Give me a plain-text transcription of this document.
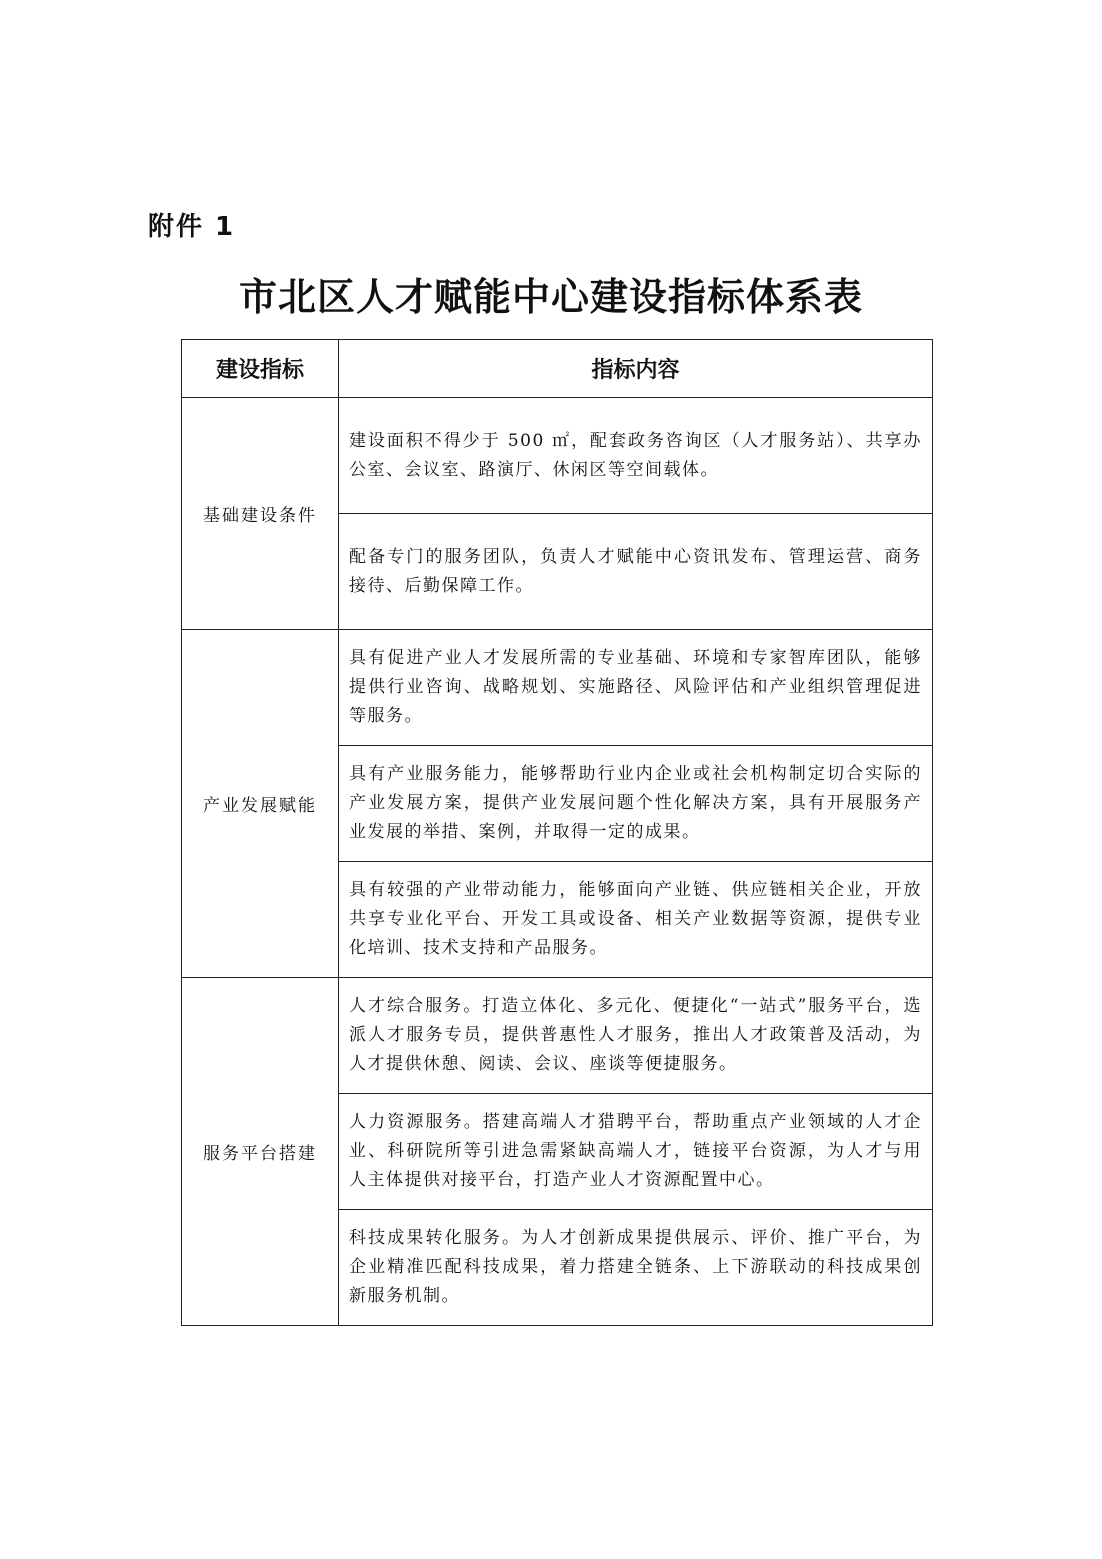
附件 1
市北区人才赋能中心建设指标体系表
建设指标	指标内容
基础建设条件	建设面积不得少于 500 ㎡，配套政务咨询区（人才服务站）、共享办公室、会议室、路演厅、休闲区等空间载体。
	配备专门的服务团队，负责人才赋能中心资讯发布、管理运营、商务接待、后勤保障工作。
产业发展赋能	具有促进产业人才发展所需的专业基础、环境和专家智库团队，能够提供行业咨询、战略规划、实施路径、风险评估和产业组织管理促进等服务。
	具有产业服务能力，能够帮助行业内企业或社会机构制定切合实际的产业发展方案，提供产业发展问题个性化解决方案，具有开展服务产业发展的举措、案例，并取得一定的成果。
	具有较强的产业带动能力，能够面向产业链、供应链相关企业，开放共享专业化平台、开发工具或设备、相关产业数据等资源，提供专业化培训、技术支持和产品服务。
服务平台搭建	人才综合服务。打造立体化、多元化、便捷化“一站式”服务平台，选派人才服务专员，提供普惠性人才服务，推出人才政策普及活动，为人才提供休憩、阅读、会议、座谈等便捷服务。
	人力资源服务。搭建高端人才猎聘平台，帮助重点产业领域的人才企业、科研院所等引进急需紧缺高端人才，链接平台资源，为人才与用人主体提供对接平台，打造产业人才资源配置中心。
	科技成果转化服务。为人才创新成果提供展示、评价、推广平台，为企业精准匹配科技成果，着力搭建全链条、上下游联动的科技成果创新服务机制。
